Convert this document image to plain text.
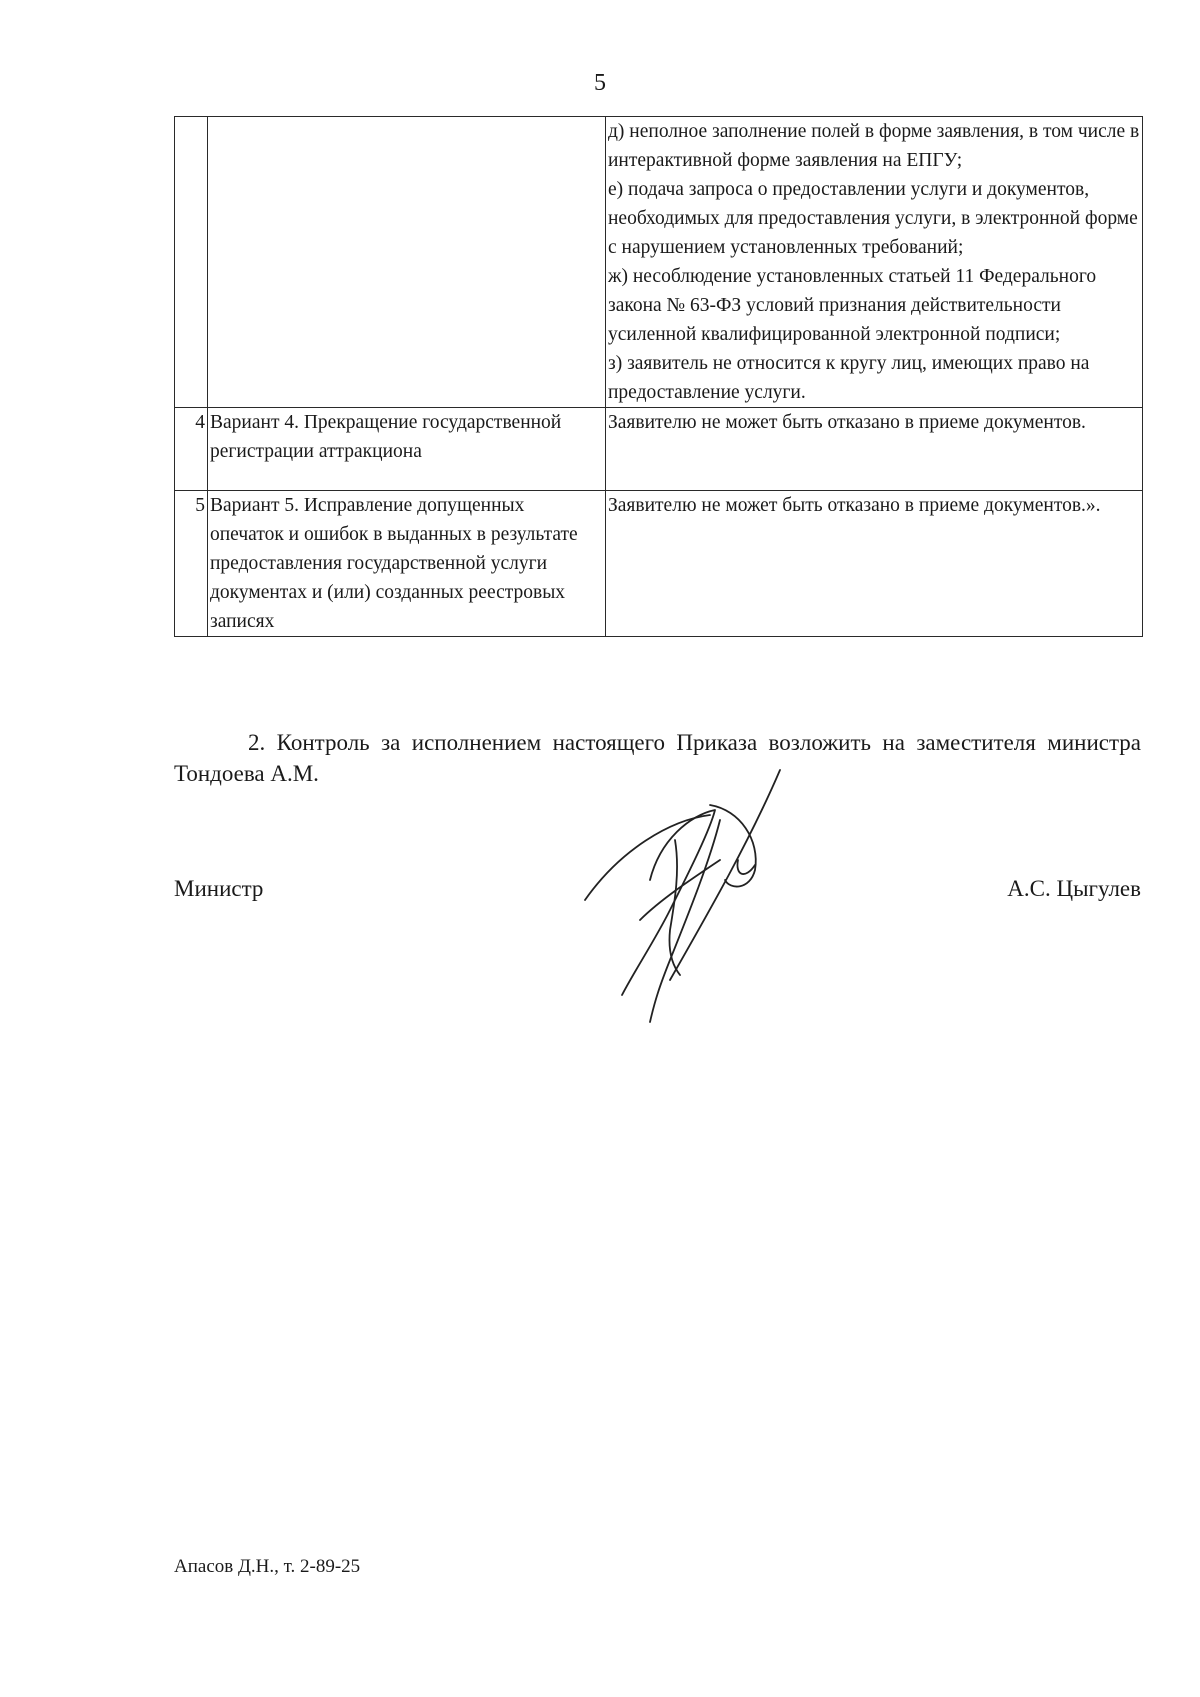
5

		д) неполное заполнение полей в форме заявления, в том числе в интерактивной форме заявления на ЕПГУ;
е) подача запроса о предоставлении услуги и документов, необходимых для предоставления услуги, в электронной форме с нарушением установленных требований;
ж) несоблюдение установленных статьей 11 Федерального закона № 63-ФЗ условий признания действительности усиленной квалифицированной электронной подписи;
з) заявитель не относится к кругу лиц, имеющих право на предоставление услуги.

4	Вариант 4. Прекращение государственной регистрации аттракциона	Заявителю не может быть отказано в приеме документов.
5	Вариант 5. Исправление допущенных опечаток и ошибок в выданных в результате предоставления государственной услуги документах и (или) созданных реестровых записях	Заявителю не может быть отказано в приеме документов.».
2. Контроль за исполнением настоящего Приказа возложить на заместителя министра Тондоева А.М.
Министр	А.С. Цыгулев
Апасов Д.Н., т. 2-89-25
